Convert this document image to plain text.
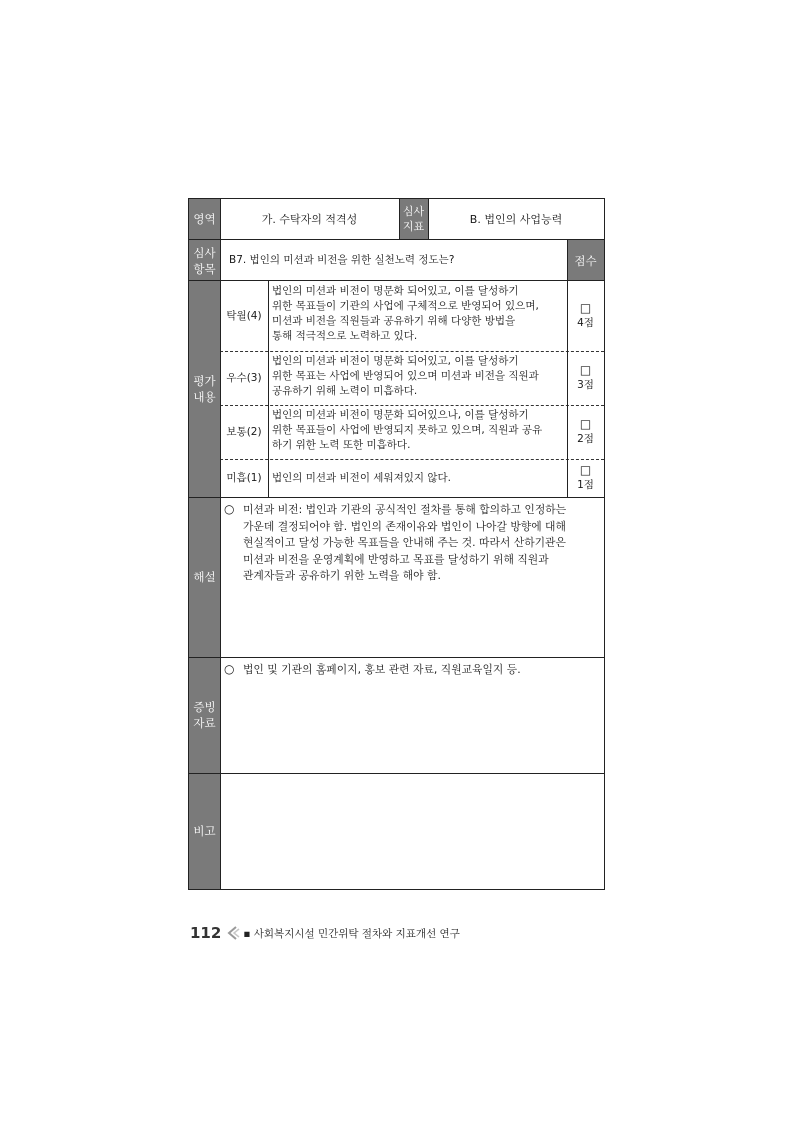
영역	가. 수탁자의 적격성
심사
지표
B. 법인의 사업능력
심사
항목
B7. 법인의 미션과 비전을 위한 실천노력 정도는?	점수
평가
내용
탁월(4)
법인의 미션과 비전이 명문화 되어있고, 이를 달성하기
위한 목표들이 기관의 사업에 구체적으로 반영되어 있으며,
미션과 비전을 직원들과 공유하기 위해 다양한 방법을
통해 적극적으로 노력하고 있다.
□
4점
우수(3)
법인의 미션과 비전이 명문화 되어있고, 이를 달성하기
위한 목표는 사업에 반영되어 있으며 미션과 비전을 직원과
공유하기 위해 노력이 미흡하다.
□
3점
보통(2)
법인의 미션과 비전이 명문화 되어있으나, 이를 달성하기
위한 목표들이 사업에 반영되지 못하고 있으며, 직원과 공유
하기 위한 노력 또한 미흡하다.
□
2점
미흡(1) 법인의 미션과 비전이 세워져있지 않다.
□
1점
해설
○ 미션과 비전: 법인과 기관의 공식적인 절차를 통해 합의하고 인정하는
가운데 결정되어야 함. 법인의 존재이유와 법인이 나아갈 방향에 대해
현실적이고 달성 가능한 목표들을 안내해 주는 것. 따라서 산하기관은
미션과 비전을 운영계획에 반영하고 목표를 달성하기 위해 직원과
관계자들과 공유하기 위한 노력을 해야 함.
증빙
자료
○ 법인 및 기관의 홈페이지, 홍보 관련 자료, 직원교육일지 등.
비고
112 ▪ 사회복지시설 민간위탁 절차와 지표개선 연구
